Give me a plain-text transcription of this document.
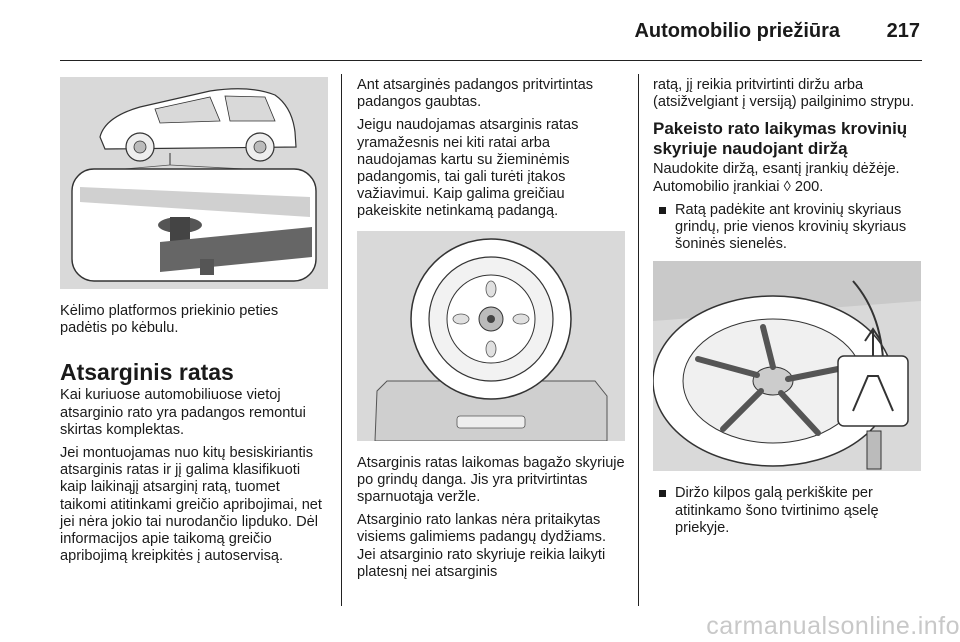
Automobilio priežiūra	217

Kėlimo platformos priekinio peties padėtis po kėbulu.

Atsarginis ratas

Kai kuriuose automobiliuose vietoj atsarginio rato yra padangos remontui skirtas komplektas.

Jei montuojamas nuo kitų besiskiriantis atsarginis ratas ir jį galima klasifikuoti kaip laikinąjį atsarginį ratą, tuomet taikomi atitinkami greičio apribojimai, net jei nėra jokio tai nurodančio lipduko. Dėl informacijos apie taikomą greičio apribojimą kreipkitės į autoservisą.

Ant atsarginės padangos pritvirtintas padangos gaubtas.

Jeigu naudojamas atsarginis ratas yramažesnis nei kiti ratai arba naudojamas kartu su žieminėmis padangomis, tai gali turėti įtakos važiavimui. Kaip galima greičiau pakeiskite netinkamą padangą.

Atsarginis ratas laikomas bagažo skyriuje po grindų danga. Jis yra pritvirtintas sparnuotąja veržle.

Atsarginio rato lankas nėra pritaikytas visiems galimiems padangų dydžiams. Jei atsarginio rato skyriuje reikia laikyti platesnį nei atsarginis

ratą, jį reikia pritvirtinti diržu arba (atsižvelgiant į versiją) pailginimo strypu.

Pakeisto rato laikymas krovinių skyriuje naudojant diržą

Naudokite diržą, esantį įrankių dėžėje. Automobilio įrankiai ◊ 200.

Ratą padėkite ant krovinių skyriaus grindų, prie vienos krovinių skyriaus šoninės sienelės.
Diržo kilpos galą perkiškite per atitinkamo šono tvirtinimo ąselę priekyje.
carmanualsonline.info
